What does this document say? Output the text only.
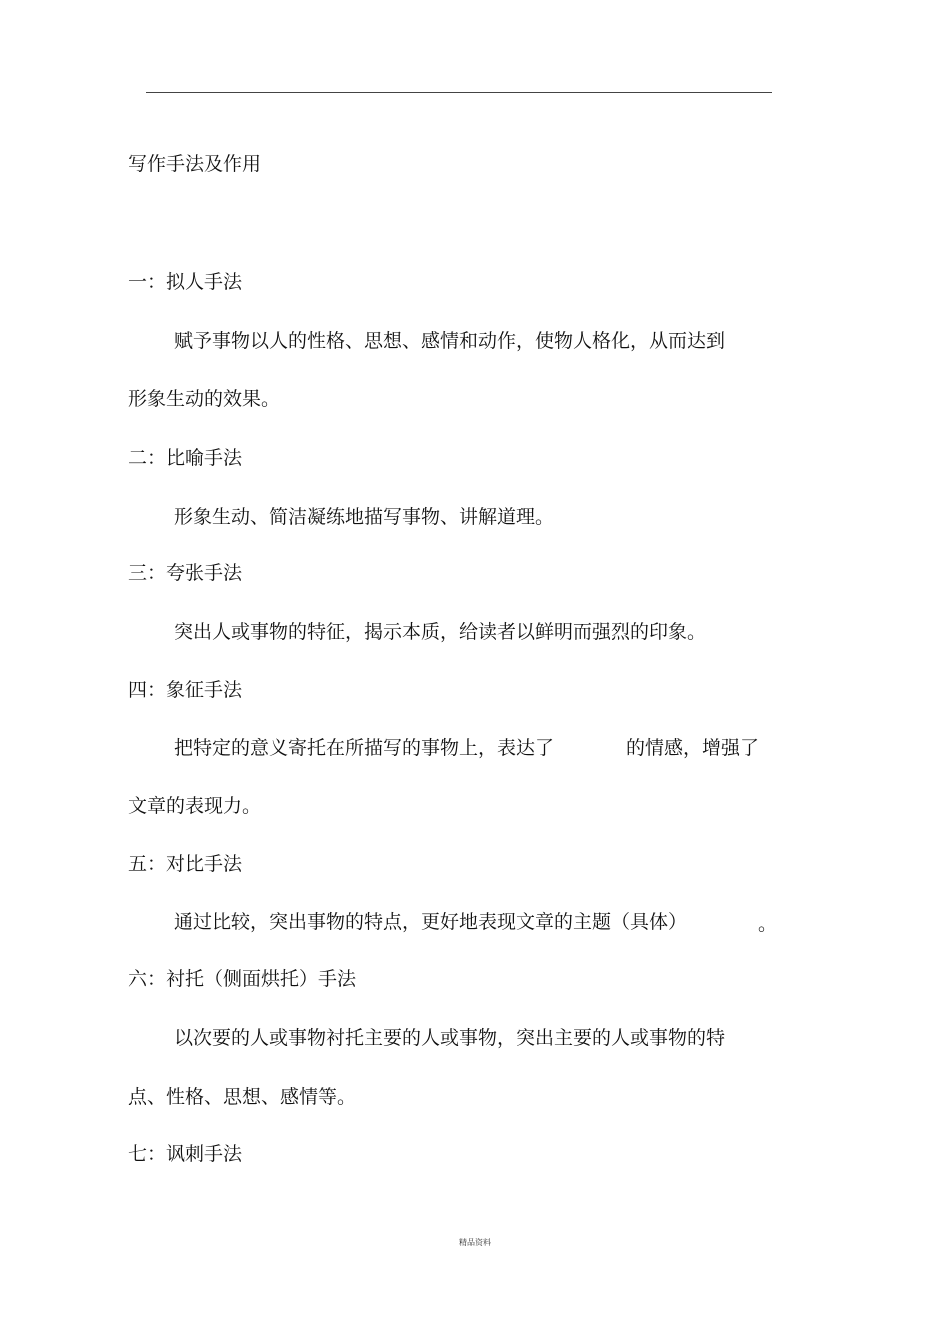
写作手法及作用
一：拟人手法
赋予事物以人的性格、思想、感情和动作，使物人格化，从而达到
形象生动的效果。
二：比喻手法
形象生动、简洁凝练地描写事物、讲解道理。
三：夸张手法
突出人或事物的特征，揭示本质，给读者以鲜明而强烈的印象。
四：象征手法
把特定的意义寄托在所描写的事物上，表达了	的情感，增强了
文章的表现力。
五：对比手法
通过比较，突出事物的特点，更好地表现文章的主题（具体）	。
六：衬托（侧面烘托）手法
以次要的人或事物衬托主要的人或事物，突出主要的人或事物的特
点、性格、思想、感情等。
七：讽刺手法
精品资料
